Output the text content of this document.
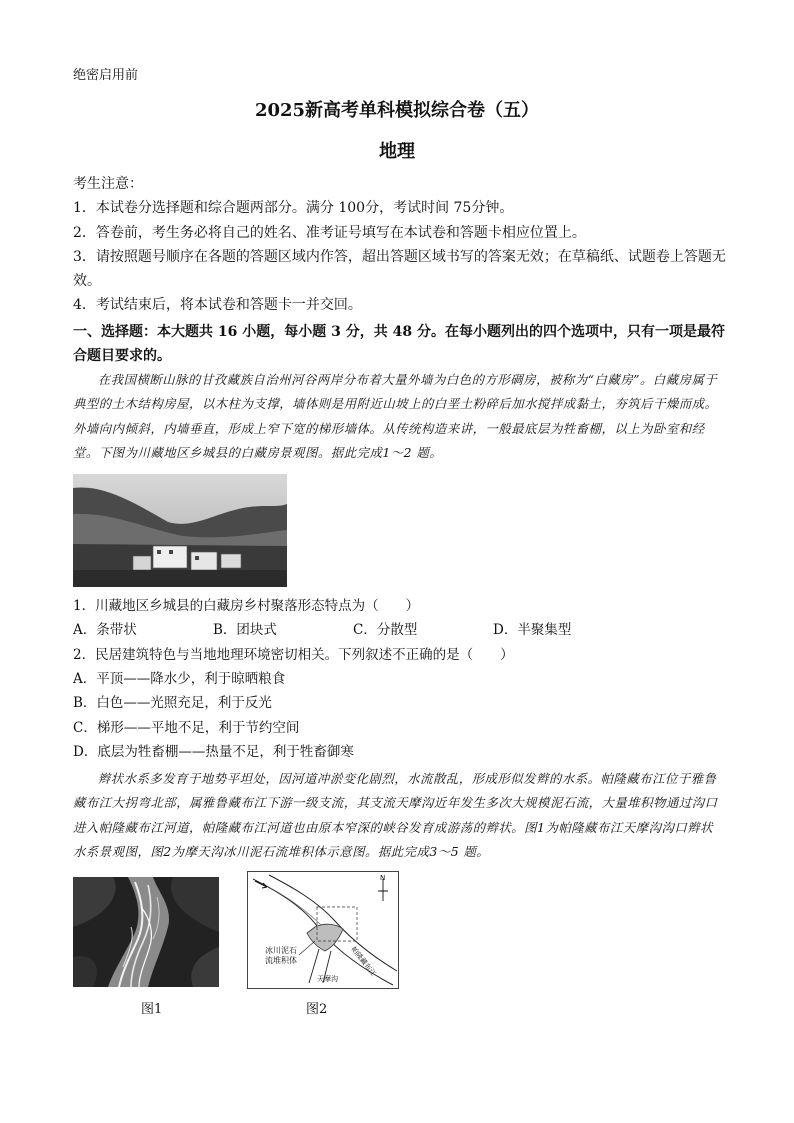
绝密启用前
2025新高考单科模拟综合卷（五）
地理

考生注意：

1．本试卷分选择题和综合题两部分。满分 100分，考试时间 75分钟。

2．答卷前，考生务必将自己的姓名、准考证号填写在本试卷和答题卡相应位置上。

3．请按照题号顺序在各题的答题区域内作答，超出答题区域书写的答案无效；在草稿纸、试题卷上答题无效。

4．考试结束后，将本试卷和答题卡一并交回。

一、选择题：本大题共 16 小题，每小题 3 分，共 48 分。在每小题列出的四个选项中，只有一项是最符合题目要求的。

在我国横断山脉的甘孜藏族自治州河谷两岸分布着大量外墙为白色的方形碉房，被称为“白藏房”。白藏房属于典型的土木结构房屋，以木柱为支撑，墙体则是用附近山坡上的白垩土粉碎后加水搅拌成黏土，夯筑后干燥而成。外墙向内倾斜，内墙垂直，形成上窄下宽的梯形墙体。从传统构造来讲，一般最底层为牲畜棚，以上为卧室和经堂。下图为川藏地区乡城县的白藏房景观图。据此完成1～2 题。

1．川藏地区乡城县的白藏房乡村聚落形态特点为（　　）
A．条带状	B．团块式	C．分散型	D．半聚集型
2．民居建筑特色与当地地理环境密切相关。下列叙述不正确的是（　　）
A．平顶——降水少，利于晾晒粮食
B．白色——光照充足，利于反光
C．梯形——平地不足，利于节约空间
D．底层为牲畜棚——热量不足，利于牲畜御寒

辫状水系多发育于地势平坦处，因河道冲淤变化剧烈，水流散乱，形成形似发辫的水系。帕隆藏布江位于雅鲁藏布江大拐弯北部，属雅鲁藏布江下游一级支流，其支流天摩沟近年发生多次大规模泥石流，大量堆积物通过沟口进入帕隆藏布江河道，帕隆藏布江河道也由原本窄深的峡谷发育成游荡的辫状。图1为帕隆藏布江天摩沟沟口辫状水系景观图，图2为摩天沟冰川泥石流堆积体示意图。据此完成3～5 题。

N
冰川泥石
流堆积体
天摩沟
帕隆藏布江
图1	图2
